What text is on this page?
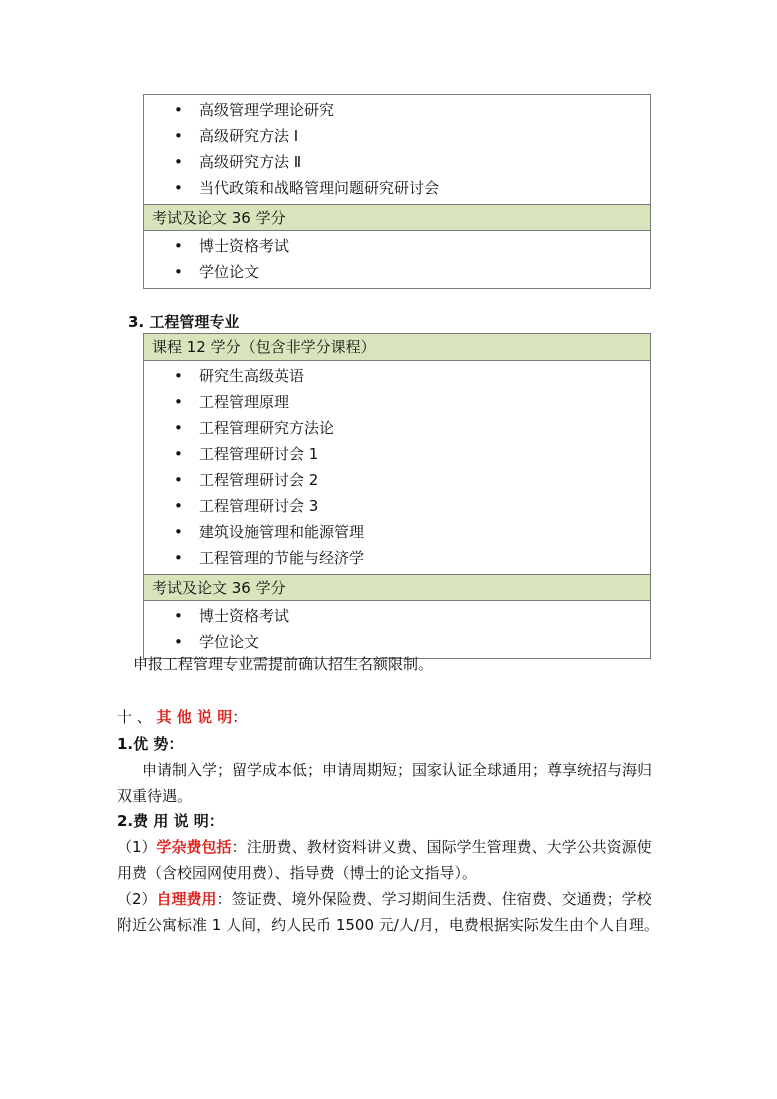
• 高级管理学理论研究
• 高级研究方法 Ⅰ
• 高级研究方法 Ⅱ
• 当代政策和战略管理问题研究研讨会
考试及论文 36 学分
• 博士资格考试
• 学位论文
3. 工程管理专业
课程 12 学分（包含非学分课程）
• 研究生高级英语
• 工程管理原理
• 工程管理研究方法论
• 工程管理研讨会 1
• 工程管理研讨会 2
• 工程管理研讨会 3
• 建筑设施管理和能源管理
• 工程管理的节能与经济学
考试及论文 36 学分
• 博士资格考试
• 学位论文
申报工程管理专业需提前确认招生名额限制。
十 、 其 他 说 明：
1.优 势：
申请制入学；留学成本低；申请周期短；国家认证全球通用；尊享统招与海归双重待遇。
2.费 用 说 明：
（1）学杂费包括：注册费、教材资料讲义费、国际学生管理费、大学公共资源使用费（含校园网使用费）、指导费（博士的论文指导）。
（2）自理费用：签证费、境外保险费、学习期间生活费、住宿费、交通费；学校附近公寓标准 1 人间，约人民币 1500 元/人/月，电费根据实际发生由个人自理。
